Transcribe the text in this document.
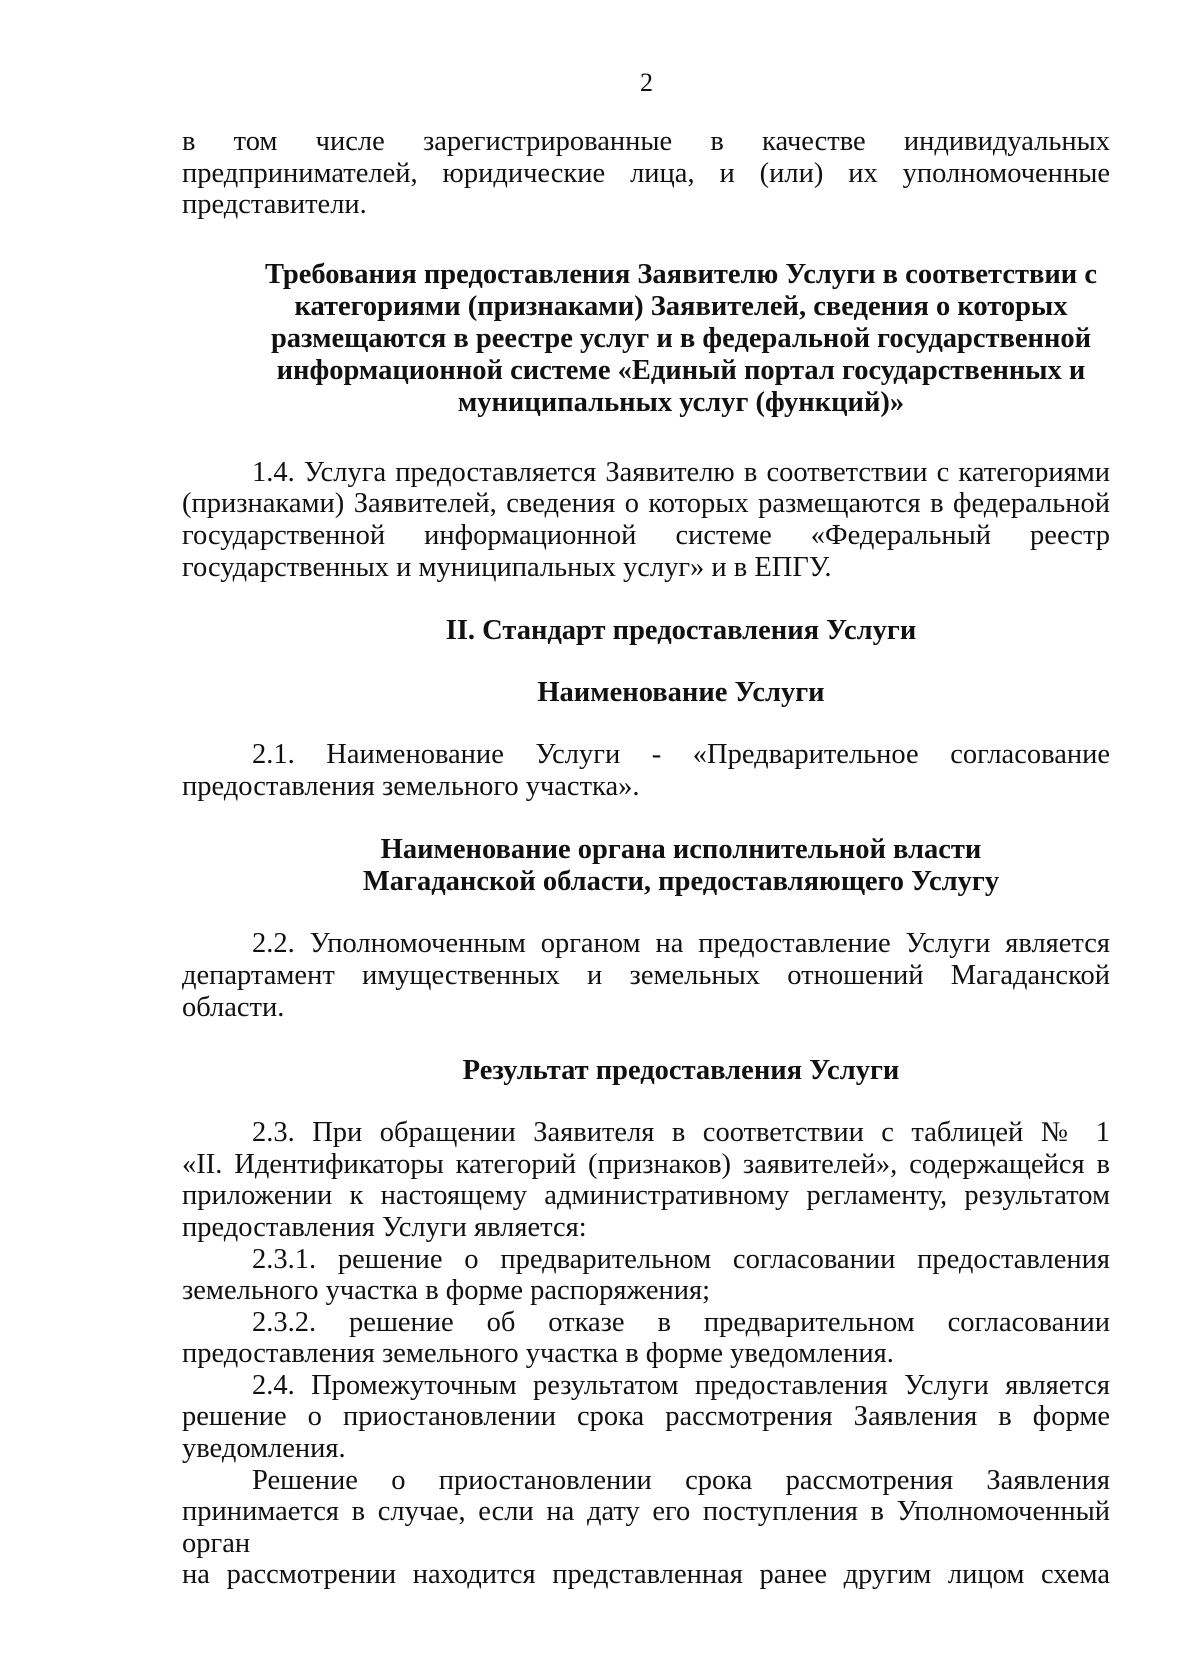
2

в том числе зарегистрированные в качестве индивидуальных

предпринимателей, юридические лица, и (или) их уполномоченные

представители.

Требования предоставления Заявителю Услуги в соответствии с

категориями (признаками) Заявителей, сведения о которых

размещаются в реестре услуг и в федеральной государственной

информационной системе «Единый портал государственных и

муниципальных услуг (функций)»

1.4. Услуга предоставляется Заявителю в соответствии с категориями

(признаками) Заявителей, сведения о которых размещаются в федеральной

государственной информационной системе «Федеральный реестр

государственных и муниципальных услуг» и в ЕПГУ.

II. Стандарт предоставления Услуги

Наименование Услуги

2.1. Наименование Услуги - «Предварительное согласование

предоставления земельного участка».

Наименование органа исполнительной власти

Магаданской области, предоставляющего Услугу

2.2. Уполномоченным органом на предоставление Услуги является

департамент имущественных и земельных отношений Магаданской области.

Результат предоставления Услуги

2.3. При обращении Заявителя в соответствии с таблицей № 1

«II. Идентификаторы категорий (признаков) заявителей», содержащейся в

приложении к настоящему административному регламенту, результатом

предоставления Услуги является:

2.3.1. решение о предварительном согласовании предоставления

земельного участка в форме распоряжения;

2.3.2. решение об отказе в предварительном согласовании

предоставления земельного участка в форме уведомления.

2.4. Промежуточным результатом предоставления Услуги является

решение о приостановлении срока рассмотрения Заявления в форме

уведомления.

Решение о приостановлении срока рассмотрения Заявления

принимается в случае, если на дату его поступления в Уполномоченный орган

на рассмотрении находится представленная ранее другим лицом схема
